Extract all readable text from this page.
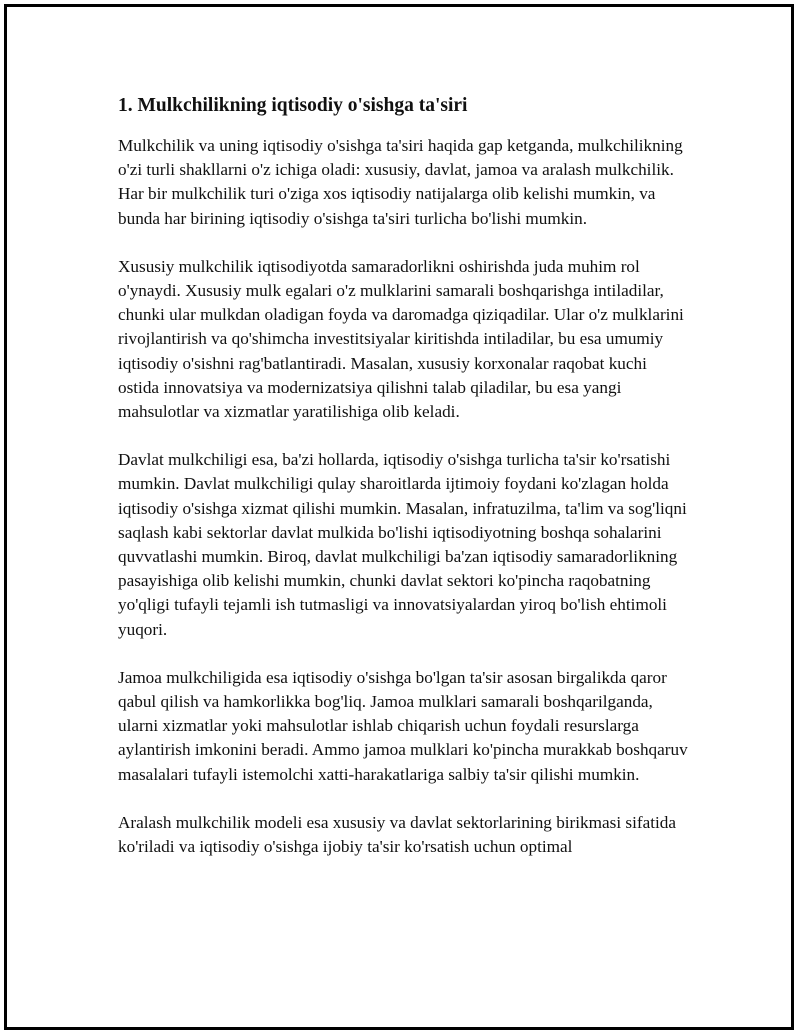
1. Mulkchilikning iqtisodiy o'sishga ta'siri

Mulkchilik va uning iqtisodiy o'sishga ta'siri haqida gap ketganda, mulkchilikning o'zi turli shakllarni o'z ichiga oladi: xususiy, davlat, jamoa va aralash mulkchilik. Har bir mulkchilik turi o'ziga xos iqtisodiy natijalarga olib kelishi mumkin, va bunda har birining iqtisodiy o'sishga ta'siri turlicha bo'lishi mumkin.

Xususiy mulkchilik iqtisodiyotda samaradorlikni oshirishda juda muhim rol o'ynaydi. Xususiy mulk egalari o'z mulklarini samarali boshqarishga intiladilar, chunki ular mulkdan oladigan foyda va daromadga qiziqadilar. Ular o'z mulklarini rivojlantirish va qo'shimcha investitsiyalar kiritishda intiladilar, bu esa umumiy iqtisodiy o'sishni rag'batlantiradi. Masalan, xususiy korxonalar raqobat kuchi ostida innovatsiya va modernizatsiya qilishni talab qiladilar, bu esa yangi mahsulotlar va xizmatlar yaratilishiga olib keladi.

Davlat mulkchiligi esa, ba'zi hollarda, iqtisodiy o'sishga turlicha ta'sir ko'rsatishi mumkin. Davlat mulkchiligi qulay sharoitlarda ijtimoiy foydani ko'zlagan holda iqtisodiy o'sishga xizmat qilishi mumkin. Masalan, infratuzilma, ta'lim va sog'liqni saqlash kabi sektorlar davlat mulkida bo'lishi iqtisodiyotning boshqa sohalarini quvvatlashi mumkin. Biroq, davlat mulkchiligi ba'zan iqtisodiy samaradorlikning pasayishiga olib kelishi mumkin, chunki davlat sektori ko'pincha raqobatning yo'qligi tufayli tejamli ish tutmasligi va innovatsiyalardan yiroq bo'lish ehtimoli yuqori.

Jamoa mulkchiligida esa iqtisodiy o'sishga bo'lgan ta'sir asosan birgalikda qaror qabul qilish va hamkorlikka bog'liq. Jamoa mulklari samarali boshqarilganda, ularni xizmatlar yoki mahsulotlar ishlab chiqarish uchun foydali resurslarga aylantirish imkonini beradi. Ammo jamoa mulklari ko'pincha murakkab boshqaruv masalalari tufayli istemolchi xatti-harakatlariga salbiy ta'sir qilishi mumkin.

Aralash mulkchilik modeli esa xususiy va davlat sektorlarining birikmasi sifatida ko'riladi va iqtisodiy o'sishga ijobiy ta'sir ko'rsatish uchun optimal
